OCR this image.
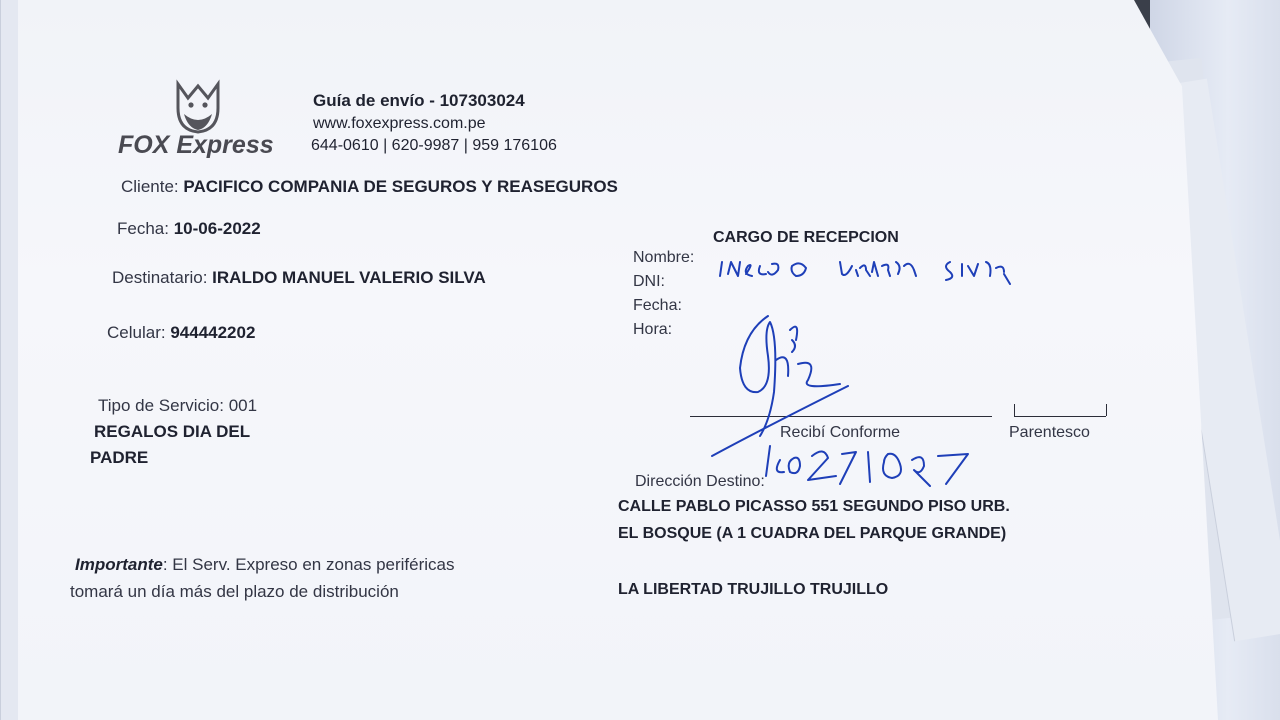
FOX Express
Guía de envío - 107303024
www.foxexpress.com.pe
644-0610 | 620-9987 | 959 176106
Cliente: PACIFICO COMPANIA DE SEGUROS Y REASEGUROS
Fecha: 10-06-2022
Destinatario: IRALDO MANUEL VALERIO SILVA
Celular: 944442202
Tipo de Servicio: 001
REGALOS DIA DEL
PADRE
Importante: El Serv. Expreso en zonas periféricas
tomará un día más del plazo de distribución
CARGO DE RECEPCION
Nombre:
DNI:
Fecha:
Hora:
Recibí Conforme	Parentesco
Dirección Destino:
CALLE PABLO PICASSO 551 SEGUNDO PISO URB.
EL BOSQUE (A 1 CUADRA DEL PARQUE GRANDE)
LA LIBERTAD TRUJILLO TRUJILLO
